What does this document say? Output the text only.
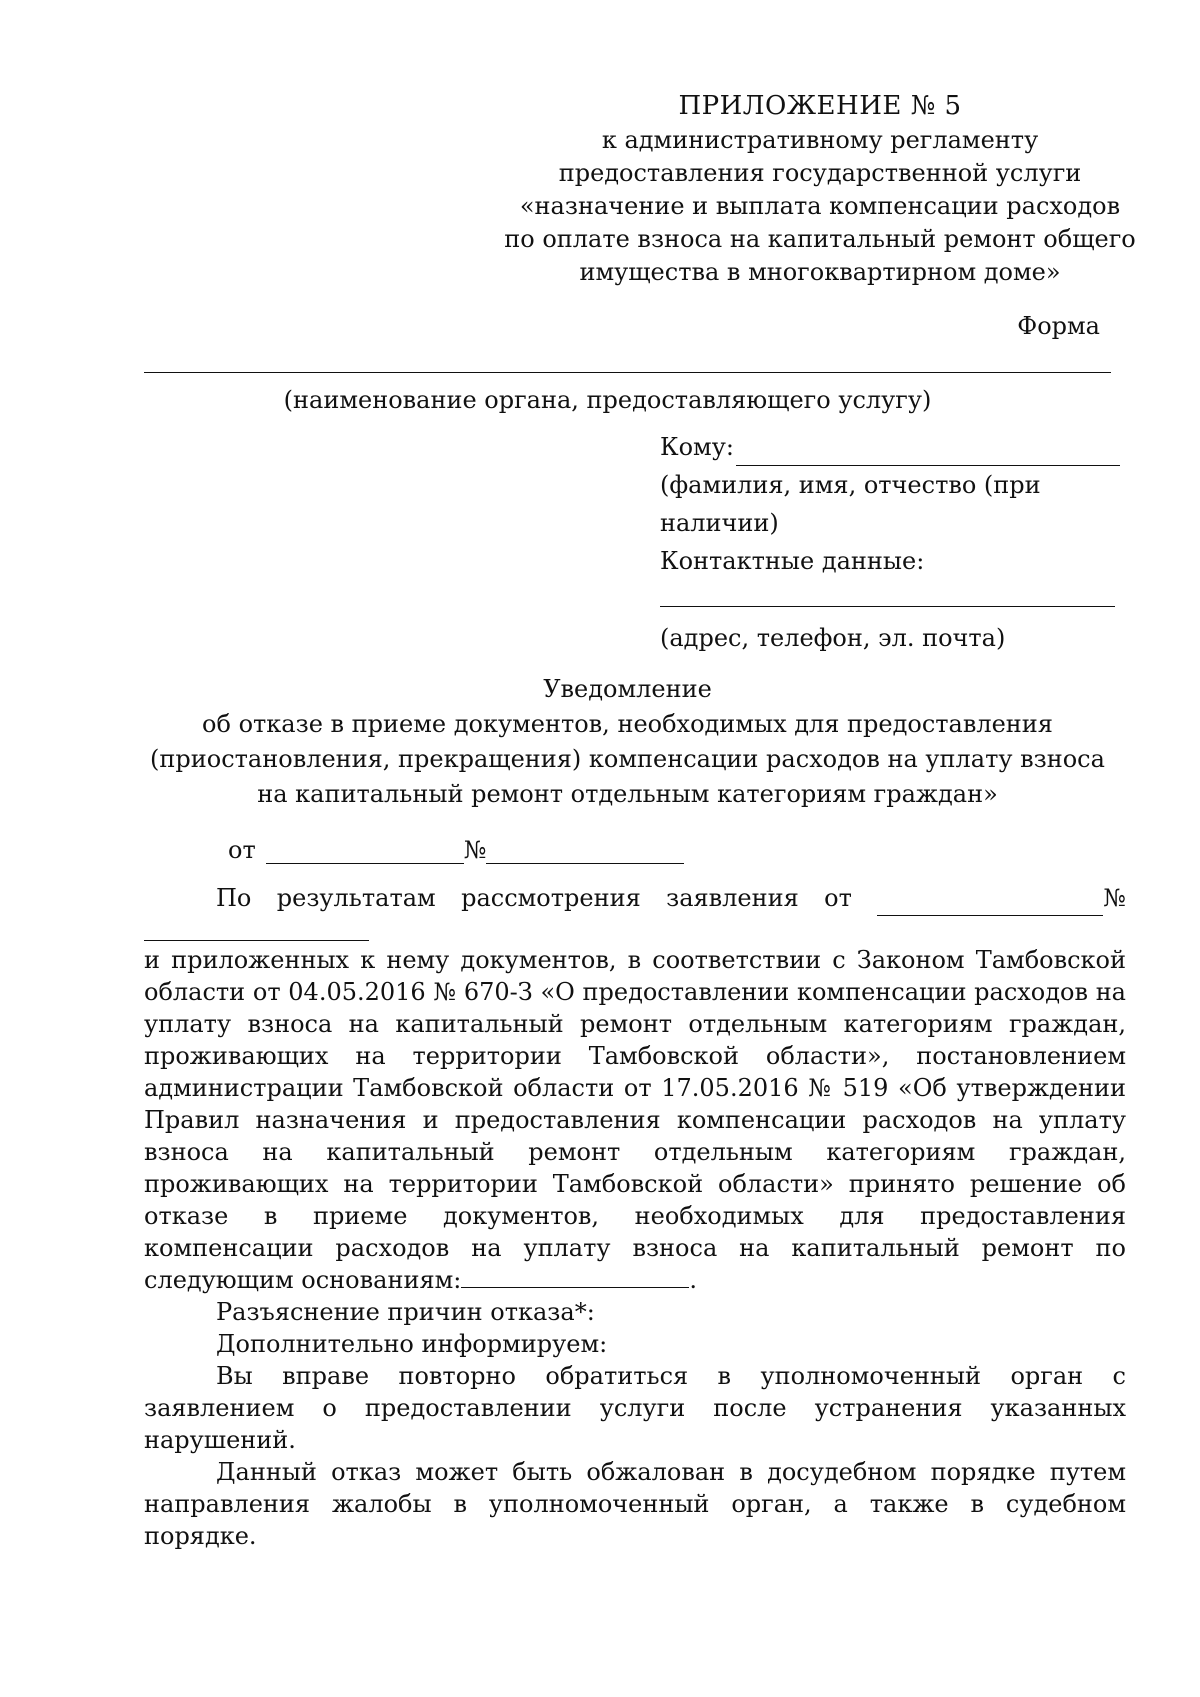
ПРИЛОЖЕНИЕ № 5
к административному регламенту
предоставления государственной услуги
«назначение и выплата компенсации расходов
по оплате взноса на капитальный ремонт общего
имущества в многоквартирном доме»
Форма
(наименование органа, предоставляющего услугу)
Кому:
(фамилия, имя, отчество (при
наличии)
Контактные данные:
(адрес, телефон, эл. почта)
Уведомление
об отказе в приеме документов, необходимых для предоставления
(приостановления, прекращения) компенсации расходов на уплату взноса
на капитальный ремонт отдельным категориям граждан»
от	№
По результатам рассмотрения заявления от	№

и приложенных к нему документов, в соответствии с Законом Тамбовской области от 04.05.2016 № 670-З «О предоставлении компенсации расходов на уплату взноса на капитальный ремонт отдельным категориям граждан, проживающих на территории Тамбовской области», постановлением администрации Тамбовской области от 17.05.2016 № 519 «Об утверждении Правил назначения и предоставления компенсации расходов на уплату взноса на капитальный ремонт отдельным категориям граждан, проживающих на территории Тамбовской области» принято решение об отказе в приеме документов, необходимых для предоставления компенсации расходов на уплату взноса на капитальный ремонт по следующим основаниям:	.

Разъяснение причин отказа*:

Дополнительно информируем:

Вы вправе повторно обратиться в уполномоченный орган с заявлением о предоставлении услуги после устранения указанных нарушений.

Данный отказ может быть обжалован в досудебном порядке путем направления жалобы в уполномоченный орган, а также в судебном порядке.
